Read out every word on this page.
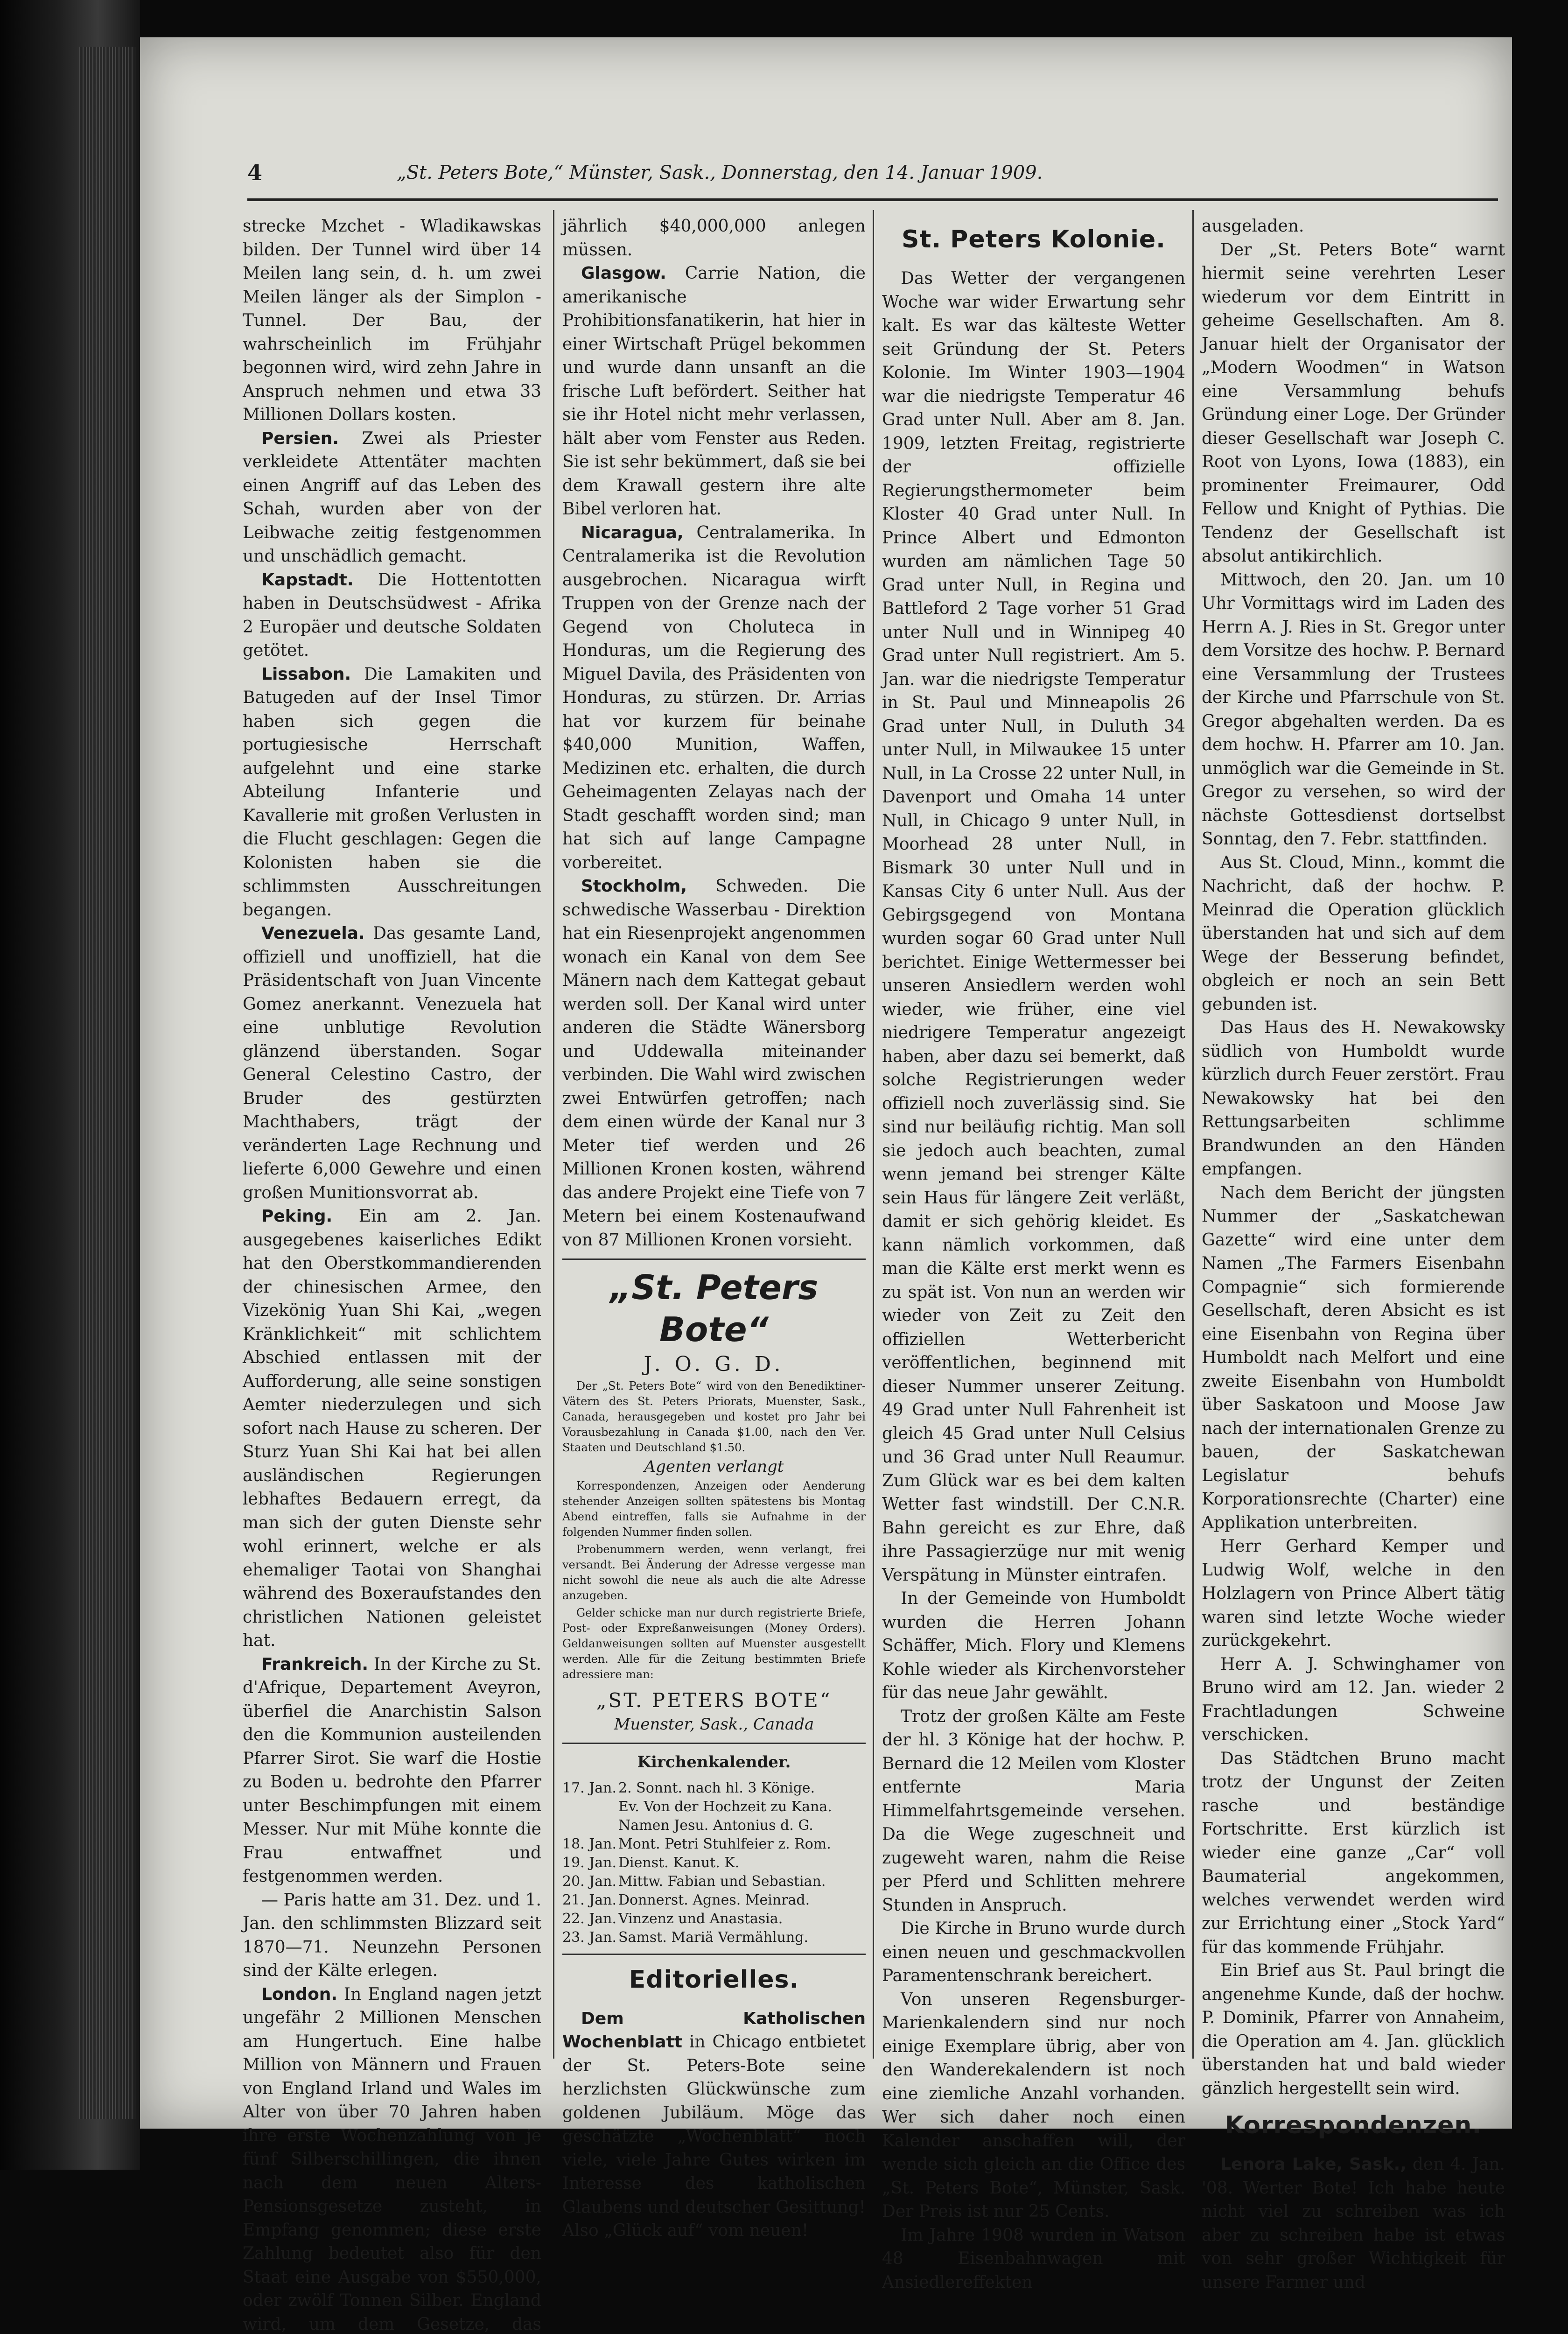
4	„St. Peters Bote,“ Münster, Sask., Donnerstag, den 14. Januar 1909.

strecke Mzchet - Wladikawskas bilden. Der Tunnel wird über 14 Meilen lang sein, d. h. um zwei Meilen länger als der Simplon - Tunnel. Der Bau, der wahrscheinlich im Frühjahr begonnen wird, wird zehn Jahre in Anspruch nehmen und etwa 33 Millionen Dollars kosten.

Persien. Zwei als Priester verkleidete Attentäter machten einen Angriff auf das Leben des Schah, wurden aber von der Leibwache zeitig festgenommen und unschädlich gemacht.

Kapstadt. Die Hottentotten haben in Deutschsüdwest - Afrika 2 Europäer und deutsche Soldaten getötet.

Lissabon. Die Lamakiten und Batugeden auf der Insel Timor haben sich gegen die portugiesische Herrschaft aufgelehnt und eine starke Abteilung Infanterie und Kavallerie mit großen Verlusten in die Flucht geschlagen: Gegen die Kolonisten haben sie die schlimmsten Ausschreitungen begangen.

Venezuela. Das gesamte Land, offiziell und unoffiziell, hat die Präsidentschaft von Juan Vincente Gomez anerkannt. Venezuela hat eine unblutige Revolution glänzend überstanden. Sogar General Celestino Castro, der Bruder des gestürzten Machthabers, trägt der veränderten Lage Rechnung und lieferte 6,000 Gewehre und einen großen Munitionsvorrat ab.

Peking. Ein am 2. Jan. ausgegebenes kaiserliches Edikt hat den Oberstkommandierenden der chinesischen Armee, den Vizekönig Yuan Shi Kai, „wegen Kränklichkeit“ mit schlichtem Abschied entlassen mit der Aufforderung, alle seine sonstigen Aemter niederzulegen und sich sofort nach Hause zu scheren. Der Sturz Yuan Shi Kai hat bei allen ausländischen Regierungen lebhaftes Bedauern erregt, da man sich der guten Dienste sehr wohl erinnert, welche er als ehemaliger Taotai von Shanghai während des Boxeraufstandes den christlichen Nationen geleistet hat.

Frankreich. In der Kirche zu St. d'Afrique, Departement Aveyron, überfiel die Anarchistin Salson den die Kommunion austeilenden Pfarrer Sirot. Sie warf die Hostie zu Boden u. bedrohte den Pfarrer unter Beschimpfungen mit einem Messer. Nur mit Mühe konnte die Frau entwaffnet und festgenommen werden.

— Paris hatte am 31. Dez. und 1. Jan. den schlimmsten Blizzard seit 1870—71. Neunzehn Personen sind der Kälte erlegen.

London. In England nagen jetzt ungefähr 2 Millionen Menschen am Hungertuch. Eine halbe Million von Männern und Frauen von England Irland und Wales im Alter von über 70 Jahren haben ihre erste Wochenzahlung von je fünf Silberschillingen, die ihnen nach dem neuen Alters-Pensionsgesetze zusteht, in Empfang genommen; diese erste Zahlung bedeutet also für den Staat eine Ausgabe von $550,000, oder zwölf Tonnen Silber. England wird, um dem Gesetze, das

jährlich $40,000,000 anlegen müssen.

Glasgow. Carrie Nation, die amerikanische Prohibitionsfanatikerin, hat hier in einer Wirtschaft Prügel bekommen und wurde dann unsanft an die frische Luft befördert. Seither hat sie ihr Hotel nicht mehr verlassen, hält aber vom Fenster aus Reden. Sie ist sehr bekümmert, daß sie bei dem Krawall gestern ihre alte Bibel verloren hat.

Nicaragua, Centralamerika. In Centralamerika ist die Revolution ausgebrochen. Nicaragua wirft Truppen von der Grenze nach der Gegend von Choluteca in Honduras, um die Regierung des Miguel Davila, des Präsidenten von Honduras, zu stürzen. Dr. Arrias hat vor kurzem für beinahe $40,000 Munition, Waffen, Medizinen etc. erhalten, die durch Geheimagenten Zelayas nach der Stadt geschafft worden sind; man hat sich auf lange Campagne vorbereitet.

Stockholm, Schweden. Die schwedische Wasserbau - Direktion hat ein Riesenprojekt angenommen wonach ein Kanal von dem See Mänern nach dem Kattegat gebaut werden soll. Der Kanal wird unter anderen die Städte Wänersborg und Uddewalla miteinander verbinden. Die Wahl wird zwischen zwei Entwürfen getroffen; nach dem einen würde der Kanal nur 3 Meter tief werden und 26 Millionen Kronen kosten, während das andere Projekt eine Tiefe von 7 Metern bei einem Kostenaufwand von 87 Millionen Kronen vorsieht.

„St. Peters Bote“
J. O. G. D.

Der „St. Peters Bote“ wird von den Benediktiner-Vätern des St. Peters Priorats, Muenster, Sask., Canada, herausgegeben und kostet pro Jahr bei Vorausbezahlung in Canada $1.00, nach den Ver. Staaten und Deutschland $1.50.

Agenten verlangt

Korrespondenzen, Anzeigen oder Aenderung stehender Anzeigen sollten spätestens bis Montag Abend eintreffen, falls sie Aufnahme in der folgenden Nummer finden sollen.

Probenummern werden, wenn verlangt, frei versandt. Bei Änderung der Adresse vergesse man nicht sowohl die neue als auch die alte Adresse anzugeben.

Gelder schicke man nur durch registrierte Briefe, Post- oder Expreßanweisungen (Money Orders). Geldanweisungen sollten auf Muenster ausgestellt werden. Alle für die Zeitung bestimmten Briefe adressiere man:

„ST. PETERS BOTE“
Muenster, Sask., Canada
Kirchenkalender.
17. Jan. 2. Sonnt. nach hl. 3 Könige.
Ev. Von der Hochzeit zu Kana.
Namen Jesu. Antonius d. G.
18. Jan. Mont. Petri Stuhlfeier z. Rom.
19. Jan. Dienst. Kanut. K.
20. Jan. Mittw. Fabian und Sebastian.
21. Jan. Donnerst. Agnes. Meinrad.
22. Jan. Vinzenz und Anastasia.
23. Jan. Samst. Mariä Vermählung.
Editorielles.

Dem Katholischen Wochenblatt in Chicago entbietet der St. Peters-Bote seine herzlichsten Glückwünsche zum goldenen Jubiläum. Möge das geschätzte „Wochenblatt“ noch viele, viele Jahre Gutes wirken im Interesse des katholischen Glaubens und deutscher Gesittung! Also „Glück auf“ vom neuen!

St. Peters Kolonie.

Das Wetter der vergangenen Woche war wider Erwartung sehr kalt. Es war das kälteste Wetter seit Gründung der St. Peters Kolonie. Im Winter 1903—1904 war die niedrigste Temperatur 46 Grad unter Null. Aber am 8. Jan. 1909, letzten Freitag, registrierte der offizielle Regierungsthermometer beim Kloster 40 Grad unter Null. In Prince Albert und Edmonton wurden am nämlichen Tage 50 Grad unter Null, in Regina und Battleford 2 Tage vorher 51 Grad unter Null und in Winnipeg 40 Grad unter Null registriert. Am 5. Jan. war die niedrigste Temperatur in St. Paul und Minneapolis 26 Grad unter Null, in Duluth 34 unter Null, in Milwaukee 15 unter Null, in La Crosse 22 unter Null, in Davenport und Omaha 14 unter Null, in Chicago 9 unter Null, in Moorhead 28 unter Null, in Bismark 30 unter Null und in Kansas City 6 unter Null. Aus der Gebirgsgegend von Montana wurden sogar 60 Grad unter Null berichtet. Einige Wettermesser bei unseren Ansiedlern werden wohl wieder, wie früher, eine viel niedrigere Temperatur angezeigt haben, aber dazu sei bemerkt, daß solche Registrierungen weder offiziell noch zuverlässig sind. Sie sind nur beiläufig richtig. Man soll sie jedoch auch beachten, zumal wenn jemand bei strenger Kälte sein Haus für längere Zeit verläßt, damit er sich gehörig kleidet. Es kann nämlich vorkommen, daß man die Kälte erst merkt wenn es zu spät ist. Von nun an werden wir wieder von Zeit zu Zeit den offiziellen Wetterbericht veröffentlichen, beginnend mit dieser Nummer unserer Zeitung. 49 Grad unter Null Fahrenheit ist gleich 45 Grad unter Null Celsius und 36 Grad unter Null Reaumur. Zum Glück war es bei dem kalten Wetter fast windstill. Der C.N.R. Bahn gereicht es zur Ehre, daß ihre Passagierzüge nur mit wenig Verspätung in Münster eintrafen.

In der Gemeinde von Humboldt wurden die Herren Johann Schäffer, Mich. Flory und Klemens Kohle wieder als Kirchenvorsteher für das neue Jahr gewählt.

Trotz der großen Kälte am Feste der hl. 3 Könige hat der hochw. P. Bernard die 12 Meilen vom Kloster entfernte Maria Himmelfahrtsgemeinde versehen. Da die Wege zugeschneit und zugeweht waren, nahm die Reise per Pferd und Schlitten mehrere Stunden in Anspruch.

Die Kirche in Bruno wurde durch einen neuen und geschmackvollen Paramentenschrank bereichert.

Von unseren Regensburger-Marienkalendern sind nur noch einige Exemplare übrig, aber von den Wanderekalendern ist noch eine ziemliche Anzahl vorhanden. Wer sich daher noch einen Kalender anschaffen will, der wende sich gleich an die Office des „St. Peters Bote“, Münster, Sask. Der Preis ist nur 25 Cents.

Im Jahre 1908 wurden in Watson 48 Eisenbahnwagen mit Ansiedlereffekten

ausgeladen.

Der „St. Peters Bote“ warnt hiermit seine verehrten Leser wiederum vor dem Eintritt in geheime Gesellschaften. Am 8. Januar hielt der Organisator der „Modern Woodmen“ in Watson eine Versammlung behufs Gründung einer Loge. Der Gründer dieser Gesellschaft war Joseph C. Root von Lyons, Iowa (1883), ein prominenter Freimaurer, Odd Fellow und Knight of Pythias. Die Tendenz der Gesellschaft ist absolut antikirchlich.

Mittwoch, den 20. Jan. um 10 Uhr Vormittags wird im Laden des Herrn A. J. Ries in St. Gregor unter dem Vorsitze des hochw. P. Bernard eine Versammlung der Trustees der Kirche und Pfarrschule von St. Gregor abgehalten werden. Da es dem hochw. H. Pfarrer am 10. Jan. unmöglich war die Gemeinde in St. Gregor zu versehen, so wird der nächste Gottesdienst dortselbst Sonntag, den 7. Febr. stattfinden.

Aus St. Cloud, Minn., kommt die Nachricht, daß der hochw. P. Meinrad die Operation glücklich überstanden hat und sich auf dem Wege der Besserung befindet, obgleich er noch an sein Bett gebunden ist.

Das Haus des H. Newakowsky südlich von Humboldt wurde kürzlich durch Feuer zerstört. Frau Newakowsky hat bei den Rettungsarbeiten schlimme Brandwunden an den Händen empfangen.

Nach dem Bericht der jüngsten Nummer der „Saskatchewan Gazette“ wird eine unter dem Namen „The Farmers Eisenbahn Compagnie“ sich formierende Gesellschaft, deren Absicht es ist eine Eisenbahn von Regina über Humboldt nach Melfort und eine zweite Eisenbahn von Humboldt über Saskatoon und Moose Jaw nach der internationalen Grenze zu bauen, der Saskatchewan Legislatur behufs Korporationsrechte (Charter) eine Applikation unterbreiten.

Herr Gerhard Kemper und Ludwig Wolf, welche in den Holzlagern von Prince Albert tätig waren sind letzte Woche wieder zurückgekehrt.

Herr A. J. Schwinghamer von Bruno wird am 12. Jan. wieder 2 Frachtladungen Schweine verschicken.

Das Städtchen Bruno macht trotz der Ungunst der Zeiten rasche und beständige Fortschritte. Erst kürzlich ist wieder eine ganze „Car“ voll Baumaterial angekommen, welches verwendet werden wird zur Errichtung einer „Stock Yard“ für das kommende Frühjahr.

Ein Brief aus St. Paul bringt die angenehme Kunde, daß der hochw. P. Dominik, Pfarrer von Annaheim, die Operation am 4. Jan. glücklich überstanden hat und bald wieder gänzlich hergestellt sein wird.

Korrespondenzen.

Lenora Lake, Sask., den 4. Jan. '08. Werter Bote! Ich habe heute nicht viel zu schreiben was ich aber zu schreiben habe ist etwas von sehr großer Wichtigkeit für unsere Farmer und
